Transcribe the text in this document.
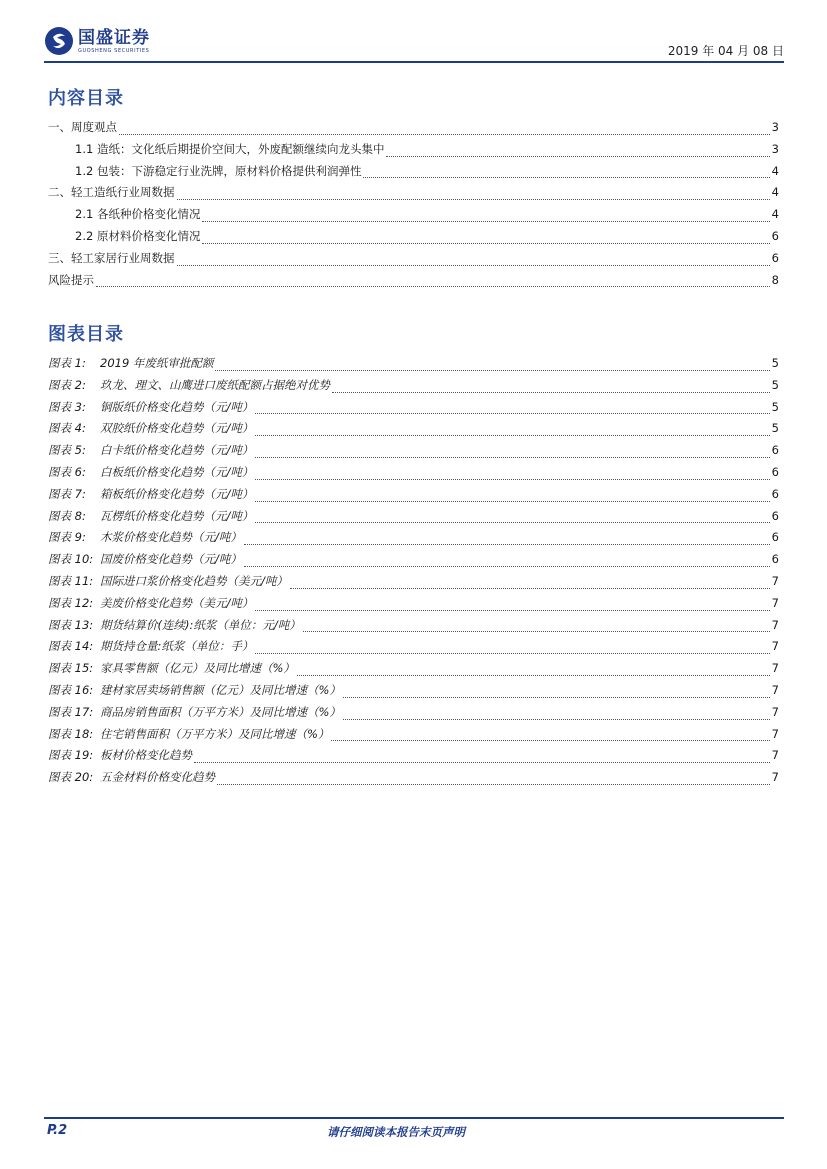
国盛证券
GUOSHENG SECURITIES	2019 年 04 月 08 日
内容目录
一、周度观点	3
1.1 造纸：文化纸后期提价空间大，外废配额继续向龙头集中	3
1.2 包装：下游稳定行业洗牌，原材料价格提供利润弹性	4
二、轻工造纸行业周数据	4
2.1 各纸种价格变化情况	4
2.2 原材料价格变化情况	6
三、轻工家居行业周数据	6
风险提示	8
图表目录
图表 1: 2019 年废纸审批配额	5
图表 2: 玖龙、理文、山鹰进口废纸配额占据绝对优势	5
图表 3: 铜版纸价格变化趋势（元/吨）	5
图表 4: 双胶纸价格变化趋势（元/吨）	5
图表 5: 白卡纸价格变化趋势（元/吨）	6
图表 6: 白板纸价格变化趋势（元/吨）	6
图表 7: 箱板纸价格变化趋势（元/吨）	6
图表 8: 瓦楞纸价格变化趋势（元/吨）	6
图表 9: 木浆价格变化趋势（元/吨）	6
图表 10: 国废价格变化趋势（元/吨）	6
图表 11: 国际进口浆价格变化趋势（美元/吨）	7
图表 12: 美废价格变化趋势（美元/吨）	7
图表 13: 期货结算价(连续):纸浆（单位：元/吨）	7
图表 14: 期货持仓量:纸浆（单位：手）	7
图表 15: 家具零售额（亿元）及同比增速（%）	7
图表 16: 建材家居卖场销售额（亿元）及同比增速（%）	7
图表 17: 商品房销售面积（万平方米）及同比增速（%）	7
图表 18: 住宅销售面积（万平方米）及同比增速（%）	7
图表 19: 板材价格变化趋势	7
图表 20: 五金材料价格变化趋势	7
P.2	请仔细阅读本报告末页声明
